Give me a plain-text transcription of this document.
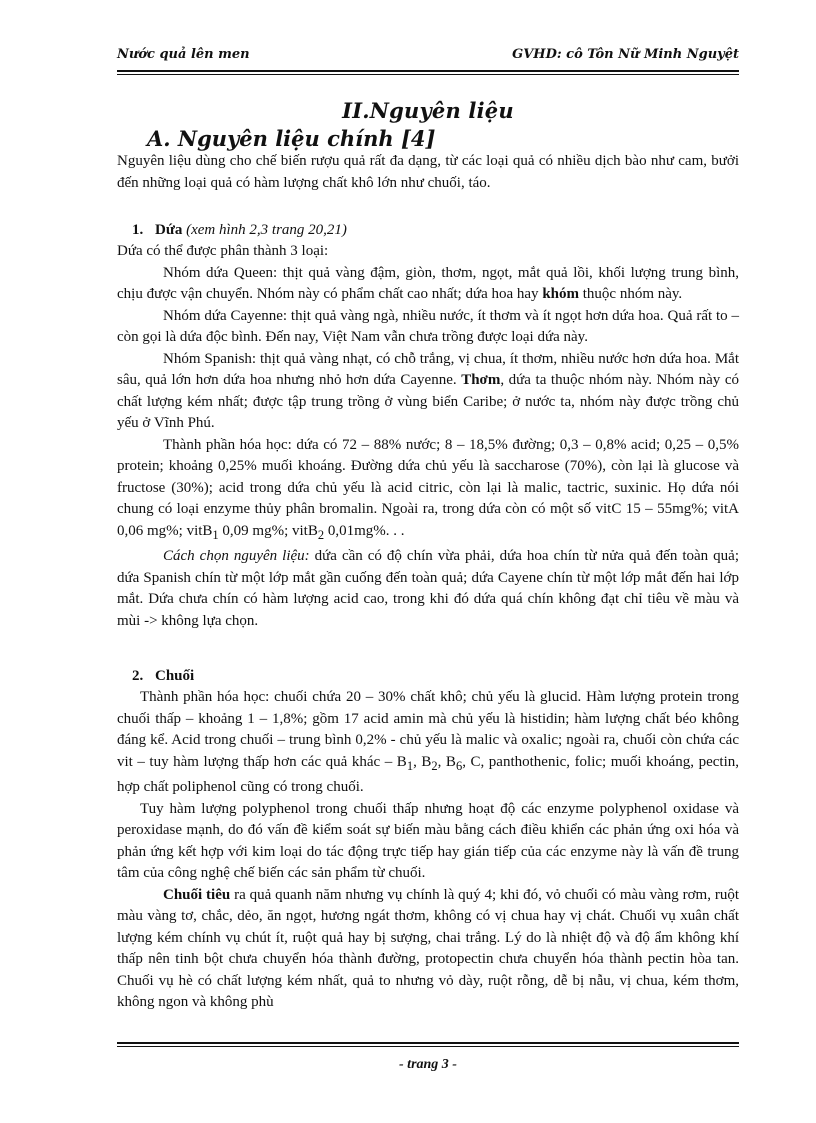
Nước quả lên men	GVHD: cô Tôn Nữ Minh Nguyệt
II.Nguyên liệu
A. Nguyên liệu chính [4]

Nguyên liệu dùng cho chế biến rượu quả rất đa dạng, từ các loại quả có nhiều dịch bào như cam, bưởi đến những loại quả có hàm lượng chất khô lớn như chuối, táo.

1. Dứa (xem hình 2,3 trang 20,21)

Dứa có thể được phân thành 3 loại:

Nhóm dứa Queen: thịt quả vàng đậm, giòn, thơm, ngọt, mắt quả lồi, khối lượng trung bình, chịu được vận chuyển. Nhóm này có phẩm chất cao nhất; dứa hoa hay khóm thuộc nhóm này.

Nhóm dứa Cayenne: thịt quả vàng ngà, nhiều nước, ít thơm và ít ngọt hơn dứa hoa. Quả rất to – còn gọi là dứa độc bình. Đến nay, Việt Nam vẫn chưa trồng được loại dứa này.

Nhóm Spanish: thịt quả vàng nhạt, có chỗ trắng, vị chua, ít thơm, nhiều nước hơn dứa hoa. Mắt sâu, quả lớn hơn dứa hoa nhưng nhỏ hơn dứa Cayenne. Thơm, dứa ta thuộc nhóm này. Nhóm này có chất lượng kém nhất; được tập trung trồng ở vùng biển Caribe; ở nước ta, nhóm này được trồng chủ yếu ở Vĩnh Phú.

Thành phần hóa học: dứa có 72 – 88% nước; 8 – 18,5% đường; 0,3 – 0,8% acid; 0,25 – 0,5% protein; khoảng 0,25% muối khoáng. Đường dứa chủ yếu là saccharose (70%), còn lại là glucose và fructose (30%); acid trong dứa chủ yếu là acid citric, còn lại là malic, tactric, suxinic. Họ dứa nói chung có loại enzyme thủy phân bromalin. Ngoài ra, trong dứa còn có một số vitC 15 – 55mg%; vitA 0,06 mg%; vitB$_1$ 0,09 mg%; vitB$_2$ 0,01mg%. . .

Cách chọn nguyên liệu: dứa cần có độ chín vừa phải, dứa hoa chín từ nửa quả đến toàn quả; dứa Spanish chín từ một lớp mắt gần cuống đến toàn quả; dứa Cayene chín từ một lớp mắt đến hai lớp mắt. Dứa chưa chín có hàm lượng acid cao, trong khi đó dứa quá chín không đạt chỉ tiêu về màu và mùi -> không lựa chọn.

2. Chuối

Thành phần hóa học: chuối chứa 20 – 30% chất khô; chủ yếu là glucid. Hàm lượng protein trong chuối thấp – khoảng 1 – 1,8%; gồm 17 acid amin mà chủ yếu là histidin; hàm lượng chất béo không đáng kể. Acid trong chuối – trung bình 0,2% - chủ yếu là malic và oxalic; ngoài ra, chuối còn chứa các vit – tuy hàm lượng thấp hơn các quả khác – $B_1$, $B_2$, $B_6$, C, panthothenic, folic; muối khoáng, pectin, hợp chất poliphenol cũng có trong chuối.

Tuy hàm lượng polyphenol trong chuối thấp nhưng hoạt độ các enzyme polyphenol oxidase và peroxidase mạnh, do đó vấn đề kiểm soát sự biến màu bằng cách điều khiển các phản ứng oxi hóa và phản ứng kết hợp với kim loại do tác động trực tiếp hay gián tiếp của các enzyme này là vấn đề trung tâm của công nghệ chế biến các sản phẩm từ chuối.

Chuối tiêu ra quả quanh năm nhưng vụ chính là quý 4; khi đó, vỏ chuối có màu vàng rơm, ruột màu vàng tơ, chắc, dẻo, ăn ngọt, hương ngát thơm, không có vị chua hay vị chát. Chuối vụ xuân chất lượng kém chính vụ chút ít, ruột quả hay bị sượng, chai trắng. Lý do là nhiệt độ và độ ẩm không khí thấp nên tinh bột chưa chuyển hóa thành đường, protopectin chưa chuyển hóa thành pectin hòa tan. Chuối vụ hè có chất lượng kém nhất, quả to nhưng vỏ dày, ruột rỗng, dễ bị nẫu, vị chua, kém thơm, không ngon và không phù

- trang 3 -
